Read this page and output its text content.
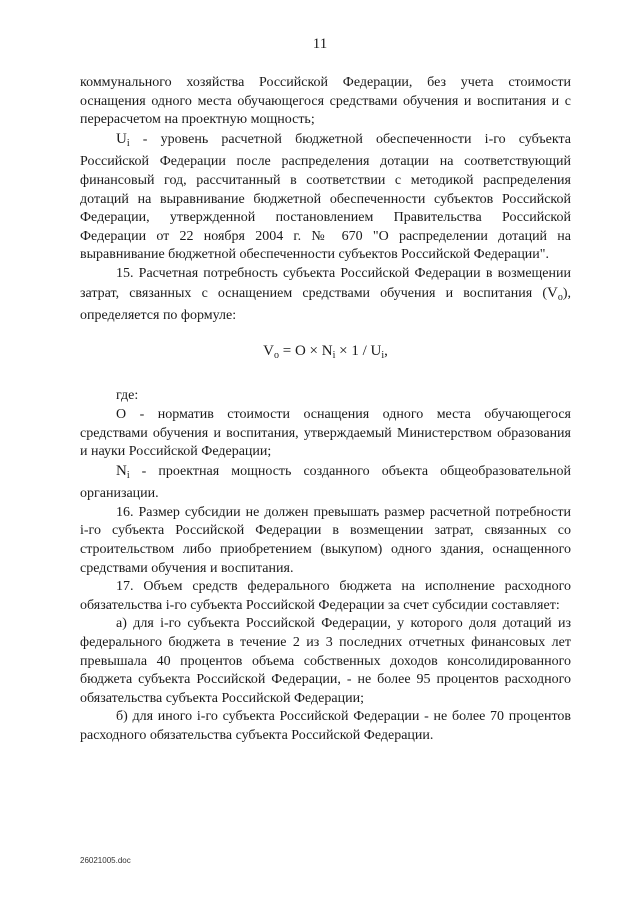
11

коммунального хозяйства Российской Федерации, без учета стоимости оснащения одного места обучающегося средствами обучения и воспитания и с перерасчетом на проектную мощность;

$U_i$ - уровень расчетной бюджетной обеспеченности i-го субъекта Российской Федерации после распределения дотации на соответствующий финансовый год, рассчитанный в соответствии с методикой распределения дотаций на выравнивание бюджетной обеспеченности субъектов Российской Федерации, утвержденной постановлением Правительства Российской Федерации от 22 ноября 2004 г. № 670 "О распределении дотаций на выравнивание бюджетной обеспеченности субъектов Российской Федерации".

15. Расчетная потребность субъекта Российской Федерации в возмещении затрат, связанных с оснащением средствами обучения и воспитания $(V_o)$, определяется по формуле:

$V_o = O \times N_i \times 1 / U_i$,

где:

O - норматив стоимости оснащения одного места обучающегося средствами обучения и воспитания, утверждаемый Министерством образования и науки Российской Федерации;

$N_i$ - проектная мощность созданного объекта общеобразовательной организации.

16. Размер субсидии не должен превышать размер расчетной потребности i-го субъекта Российской Федерации в возмещении затрат, связанных со строительством либо приобретением (выкупом) одного здания, оснащенного средствами обучения и воспитания.

17. Объем средств федерального бюджета на исполнение расходного обязательства i-го субъекта Российской Федерации за счет субсидии составляет:

а) для i-го субъекта Российской Федерации, у которого доля дотаций из федерального бюджета в течение 2 из 3 последних отчетных финансовых лет превышала 40 процентов объема собственных доходов консолидированного бюджета субъекта Российской Федерации, - не более 95 процентов расходного обязательства субъекта Российской Федерации;

б) для иного i-го субъекта Российской Федерации - не более 70 процентов расходного обязательства субъекта Российской Федерации.

26021005.doc
